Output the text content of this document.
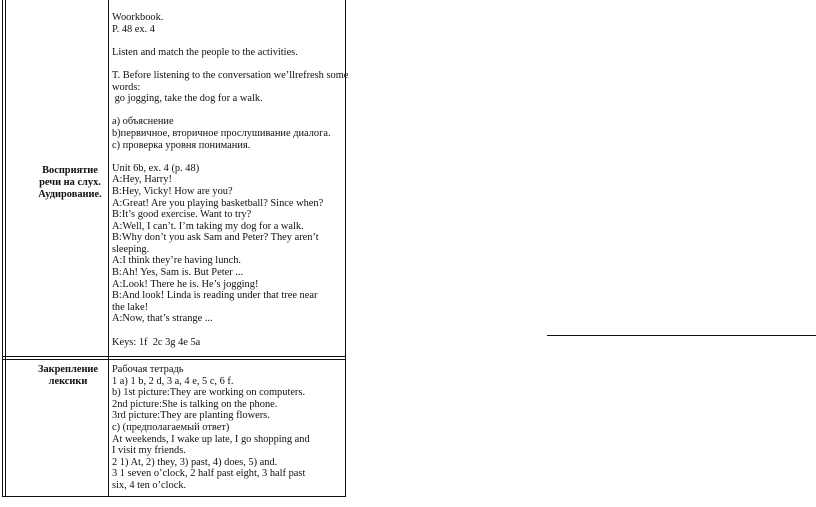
Восприятие
речи на слух.
Аудирование.
Woorkbook.
P. 48 ex. 4

Listen and match the people to the activities.

T. Before listening to the conversation we’llrefresh some
words:
go jogging, take the dog for a walk.

a) объяснение
b)первичное, вторичное прослушивание диалога.
c) проверка уровня понимания.

Unit 6b, ex. 4 (p. 48)
A:Hey, Harry!
B:Hey, Vicky! How are you?
A:Great! Are you playing basketball? Since when?
B:It’s good exercise. Want to try?
A:Well, I can’t. I’m taking my dog for a walk.
B:Why don’t you ask Sam and Peter? They aren’t
sleeping.
A:I think they’re having lunch.
B:Ah! Yes, Sam is. But Peter ...
A:Look! There he is. He’s jogging!
B:And look! Linda is reading under that tree near
the lake!
A:Now, that’s strange ...

Keys: 1f  2c 3g 4e 5a
Закрепление
лексики
Рабочая тетрадь
1 a) 1 b, 2 d, 3 a, 4 e, 5 c, 6 f.
b) 1st picture:They are working on computers.
2nd picture:She is talking on the phone.
3rd picture:They are planting flowers.
c) (предполагаемый ответ)
At weekends, I wake up late, I go shopping and
I visit my friends.
2 1) At, 2) they, 3) past, 4) does, 5) and.
3 1 seven o’clock, 2 half past eight, 3 half past
six, 4 ten o’clock.
